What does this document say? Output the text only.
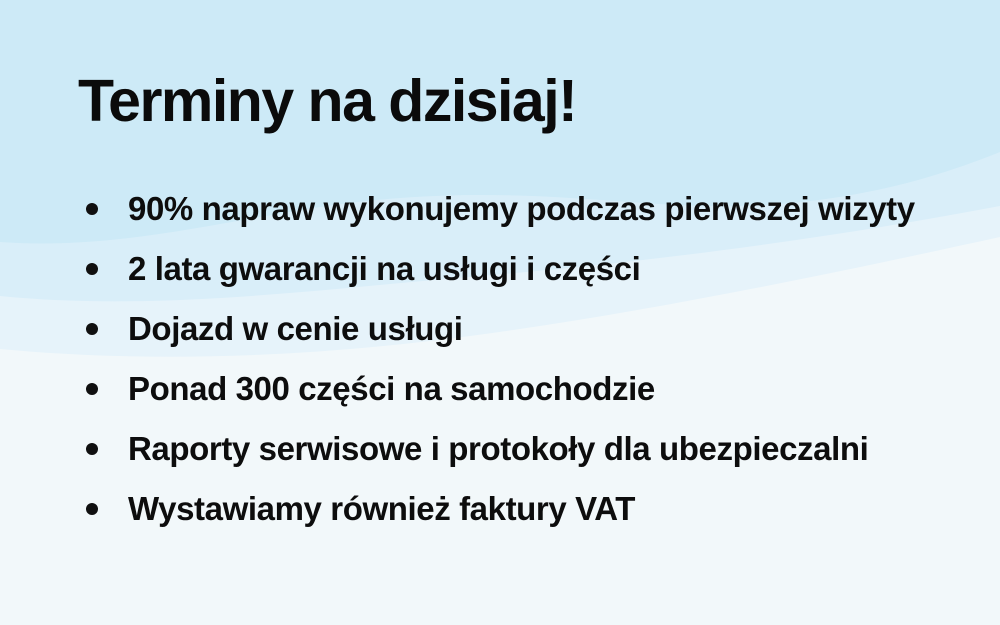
Terminy na dzisiaj!
90% napraw wykonujemy podczas pierwszej wizyty
2 lata gwarancji na usługi i części
Dojazd w cenie usługi
Ponad 300 części na samochodzie
Raporty serwisowe i protokoły dla ubezpieczalni
Wystawiamy również faktury VAT
